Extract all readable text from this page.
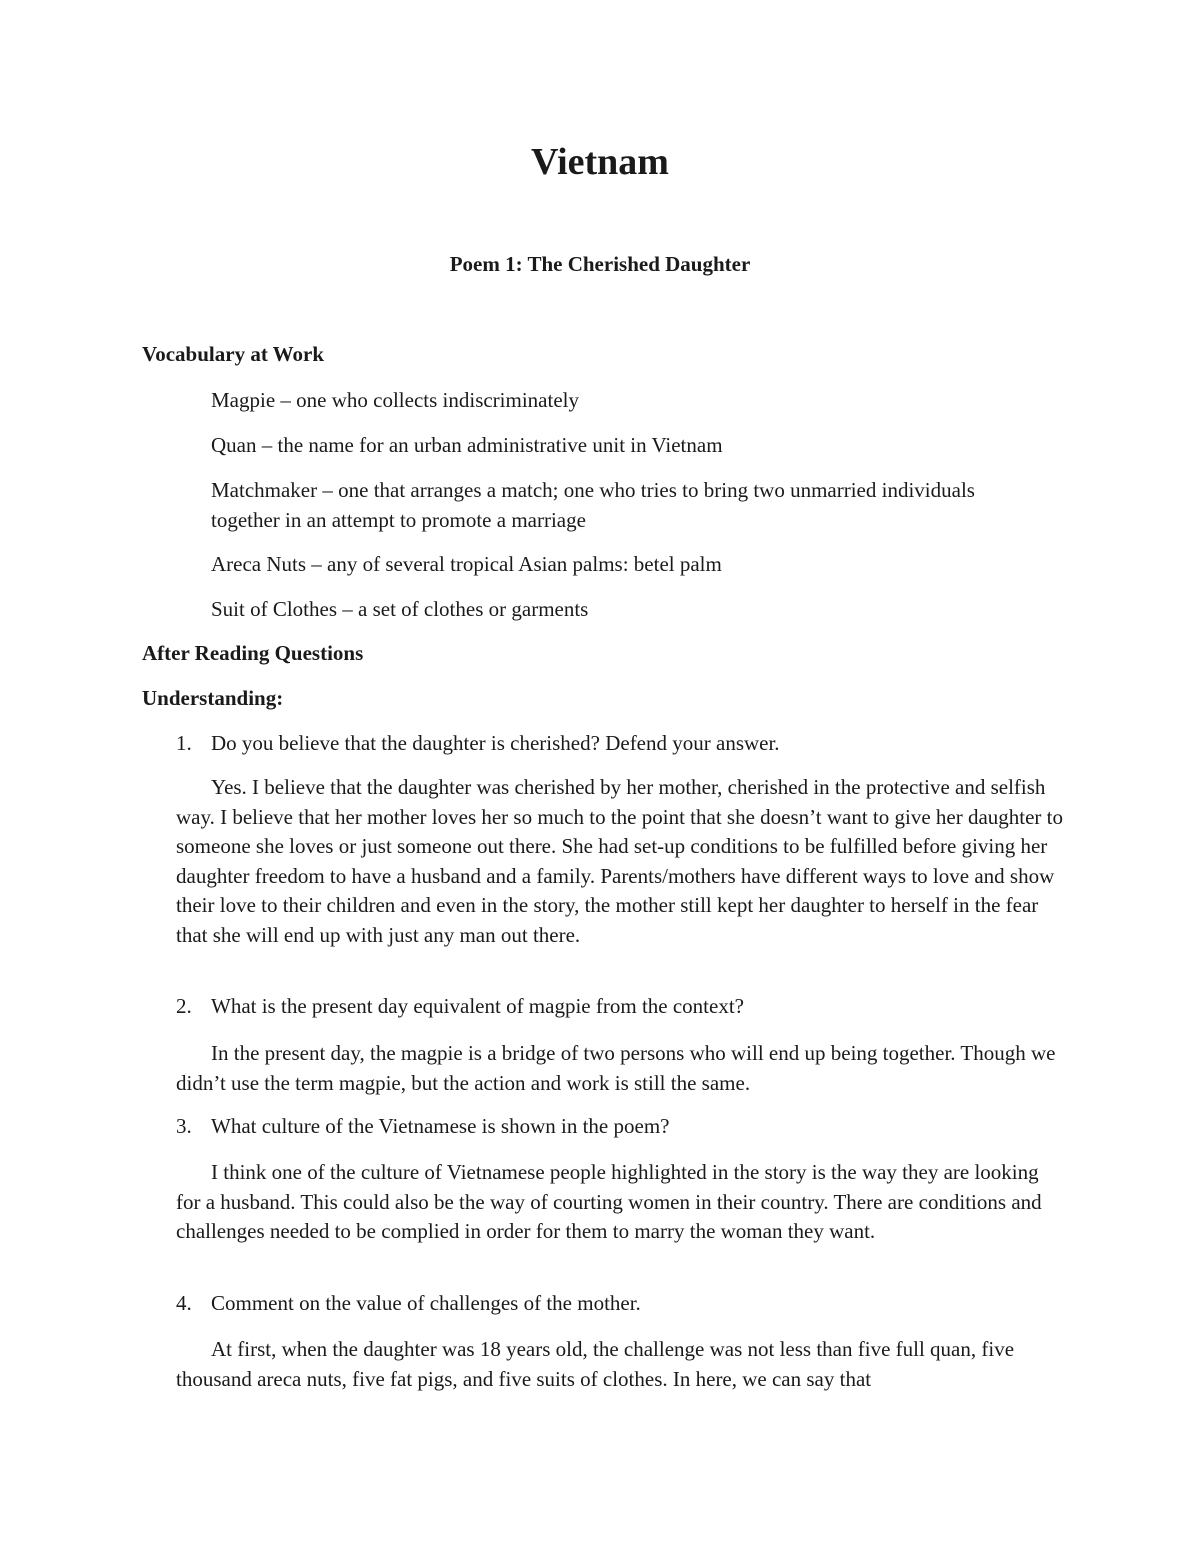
Vietnam
Poem 1: The Cherished Daughter
Vocabulary at Work

Magpie – one who collects indiscriminately

Quan – the name for an urban administrative unit in Vietnam

Matchmaker – one that arranges a match; one who tries to bring two unmarried individuals together in an attempt to promote a marriage

Areca Nuts – any of several tropical Asian palms: betel palm

Suit of Clothes – a set of clothes or garments

After Reading Questions
Understanding:
1. Do you believe that the daughter is cherished? Defend your answer.

Yes. I believe that the daughter was cherished by her mother, cherished in the protective and selfish way. I believe that her mother loves her so much to the point that she doesn’t want to give her daughter to someone she loves or just someone out there. She had set-up conditions to be fulfilled before giving her daughter freedom to have a husband and a family. Parents/mothers have different ways to love and show their love to their children and even in the story, the mother still kept her daughter to herself in the fear that she will end up with just any man out there.

2. What is the present day equivalent of magpie from the context?

In the present day, the magpie is a bridge of two persons who will end up being together. Though we didn’t use the term magpie, but the action and work is still the same.

3. What culture of the Vietnamese is shown in the poem?

I think one of the culture of Vietnamese people highlighted in the story is the way they are looking for a husband. This could also be the way of courting women in their country. There are conditions and challenges needed to be complied in order for them to marry the woman they want.

4. Comment on the value of challenges of the mother.

At first, when the daughter was 18 years old, the challenge was not less than five full quan, five thousand areca nuts, five fat pigs, and five suits of clothes. In here, we can say that
